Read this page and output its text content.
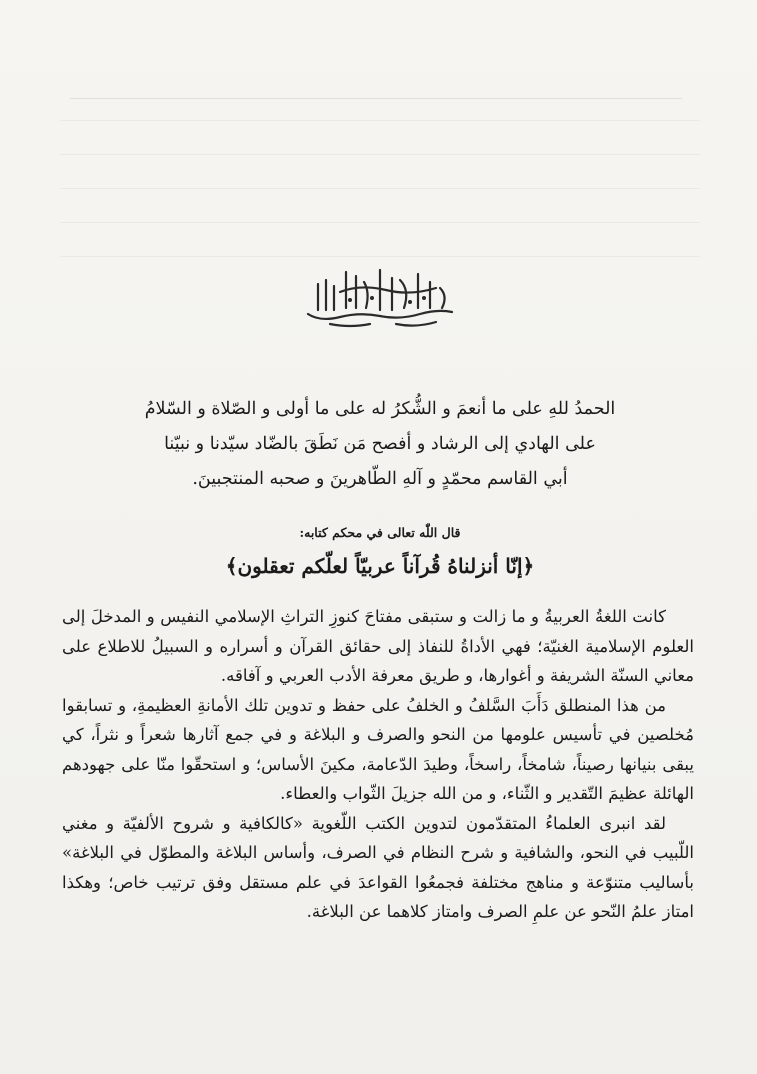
الحمدُ للهِ على ما أنعمَ و الشُّكرُ له على ما أولى و الصّلاة و السّلامُ

على الهادي إلى الرشاد و أفصح مَن نَطَقَ بالضّاد سيّدنا و نبيّنا

أبي القاسم محمّدٍ و آلهِ الطّاهرينَ و صحبه المنتجبينَ.

قال اللّٰه تعالى في محكم كتابه:
﴿إنّا أنزلناهُ قُرآناً عربيّاً لعلّكم تعقلون﴾

كانت اللغةُ العربيةُ و ما زالت و ستبقى مفتاحَ كنوزِ التراثِ الإسلامي النفيس و المدخلَ إلى العلوم الإسلامية الغنيّة؛ فهي الأداةُ للنفاذ إلى حقائق القرآن و أسراره و السبيلُ للاطلاع على معاني السنّة الشريفة و أغوارها، و طريق معرفة الأدب العربي و آفاقه.

من هذا المنطلق دَأَبَ السَّلفُ و الخلفُ على حفظ و تدوين تلك الأمانةِ العظيمةِ، و تسابقوا مُخلصين في تأسيس علومها من النحو والصرف و البلاغة و في جمع آثارها شعراً و نثراً، كي يبقى بنيانها رصيناً، شامخاً، راسخاً، وطيدَ الدّعامة، مكينَ الأساس؛ و استحقّوا منّا على جهودهم الهائلة عظيمَ التّقدير و الثّناء، و من الله جزيلَ الثّواب والعطاء.

لقد انبرى العلماءُ المتقدّمون لتدوين الكتب اللّغوية «كالكافية و شروح الألفيّة و مغني اللّبيب في النحو، والشافية و شرح النظام في الصرف، وأساس البلاغة والمطوّل في البلاغة» بأساليب متنوّعة و مناهج مختلفة فجمعُوا القواعدَ في علم مستقل وفق ترتيب خاص؛ وهكذا امتاز علمُ النّحو عن علمِ الصرف وامتاز كلاهما عن البلاغة.
